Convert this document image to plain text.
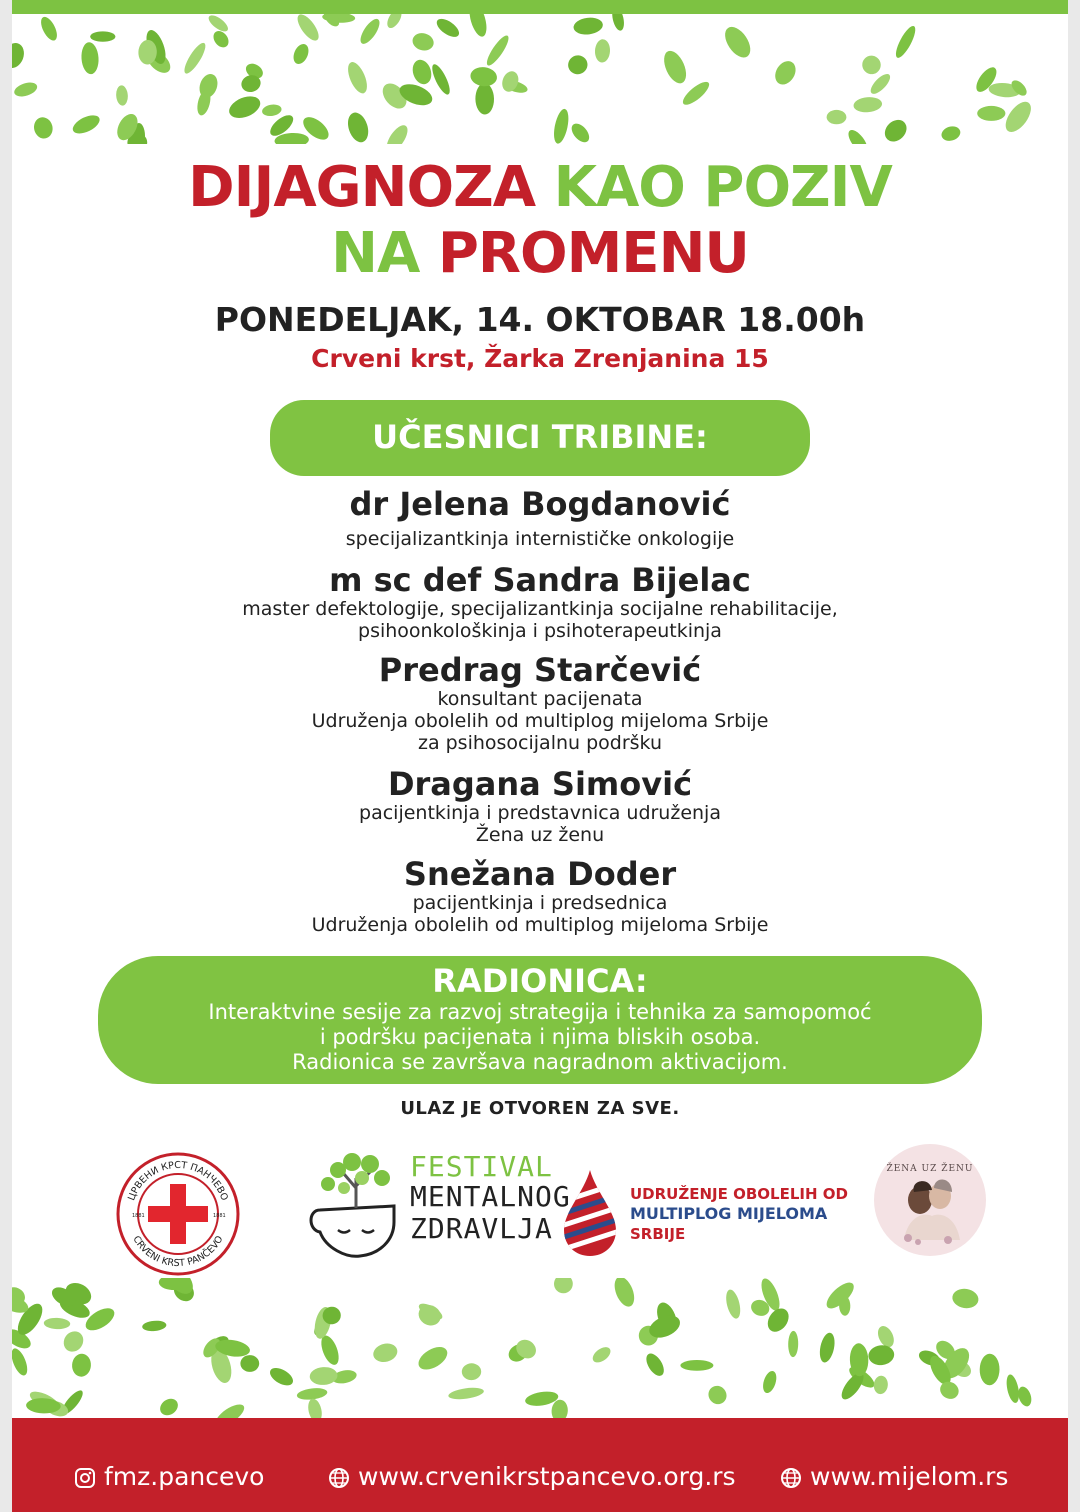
DIJAGNOZA KAO POZIV
NA PROMENU
PONEDELJAK, 14. OKTOBAR 18.00h
Crveni krst, Žarka Zrenjanina 15
UČESNICI TRIBINE:
dr Jelena Bogdanović
specijalizantkinja internističke onkologije
m sc def Sandra Bijelac
master defektologije, specijalizantkinja socijalne rehabilitacije,
psihoonkološkinja i psihoterapeutkinja
Predrag Starčević
konsultant pacijenata
Udruženja obolelih od multiplog mijeloma Srbije
za psihosocijalnu podršku
Dragana Simović
pacijentkinja i predstavnica udruženja
Žena uz ženu
Snežana Doder
pacijentkinja i predsednica
Udruženja obolelih od multiplog mijeloma Srbije
RADIONICA:
Interaktvine sesije za razvoj strategija i tehnika za samopomoć
i podršku pacijenata i njima bliskih osoba.
Radionica se završava nagradnom aktivacijom.
ULAZ JE OTVOREN ZA SVE.
ЦРВЕНИ КРСТ ПАНЧЕВО
CRVENI KRST PANČEVO
1881	1881
FESTIVAL
MENTALNOG
ZDRAVLJA
UDRUŽENJE OBOLELIH OD
MULTIPLOG MIJELOMA
SRBIJE
ŽENA UZ ŽENU
fmz.pancevo	www.crvenikrstpancevo.org.rs	www.mijelom.rs
